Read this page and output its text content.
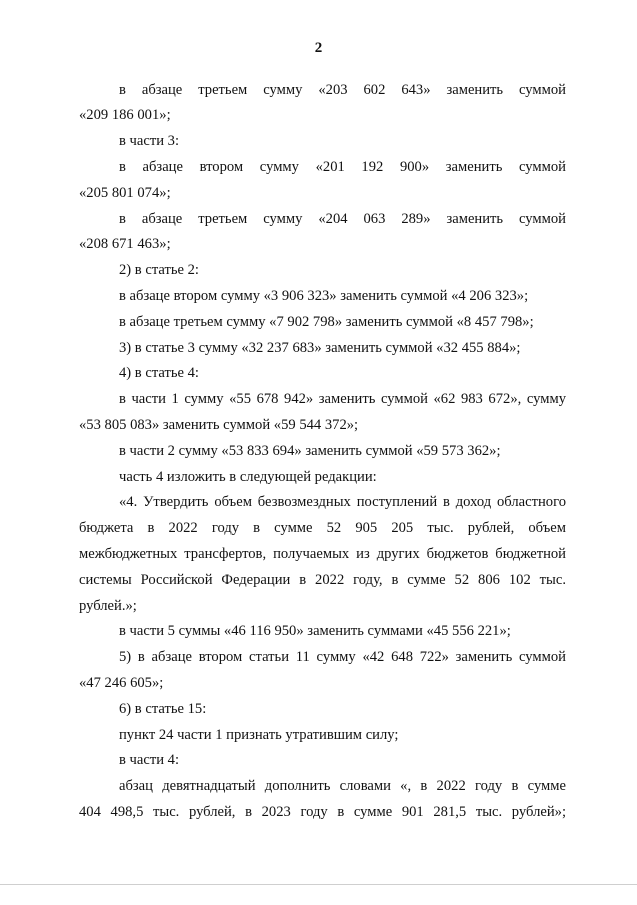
2
в абзаце третьем сумму «203 602 643» заменить суммой
«209 186 001»;
в части 3:
в абзаце втором сумму «201 192 900» заменить суммой
«205 801 074»;
в абзаце третьем сумму «204 063 289» заменить суммой
«208 671 463»;
2) в статье 2:
в абзаце втором сумму «3 906 323» заменить суммой «4 206 323»;
в абзаце третьем сумму «7 902 798» заменить суммой «8 457 798»;
3) в статье 3 сумму «32 237 683» заменить суммой «32 455 884»;
4) в статье 4:
в части 1 сумму «55 678 942» заменить суммой «62 983 672», сумму
«53 805 083» заменить суммой «59 544 372»;
в части 2 сумму «53 833 694» заменить суммой «59 573 362»;
часть 4 изложить в следующей редакции:
«4. Утвердить объем безвозмездных поступлений в доход областного
бюджета в 2022 году в сумме 52 905 205 тыс. рублей, объем
межбюджетных трансфертов, получаемых из других бюджетов бюджетной
системы Российской Федерации в 2022 году, в сумме 52 806 102 тыс.
рублей.»;
в части 5 суммы «46 116 950» заменить суммами «45 556 221»;
5) в абзаце втором статьи 11 сумму «42 648 722» заменить суммой
«47 246 605»;
6) в статье 15:
пункт 24 части 1 признать утратившим силу;
в части 4:
абзац девятнадцатый дополнить словами «, в 2022 году в сумме
404 498,5 тыс. рублей, в 2023 году в сумме 901 281,5 тыс. рублей»;
